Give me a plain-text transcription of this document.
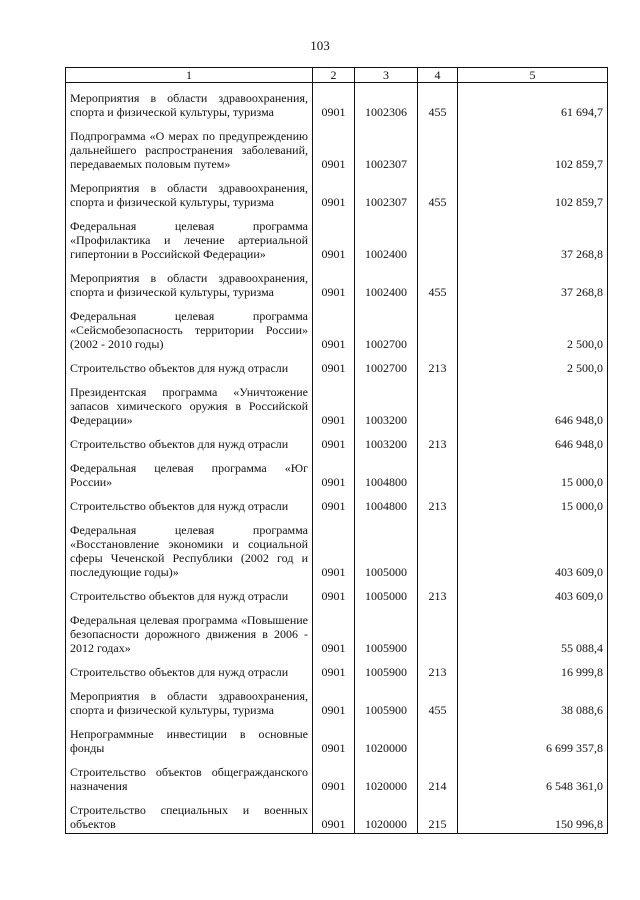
103
1	2	3	4	5

Мероприятия в области здравоохранения, спорта и физической культуры, туризма	0901	1002306	455	61 694,7

Подпрограмма «О мерах по предупреждению дальнейшего распространения заболеваний, передаваемых половым путем»	0901	1002307		102 859,7

Мероприятия в области здравоохранения, спорта и физической культуры, туризма	0901	1002307	455	102 859,7

Федеральная целевая программа «Профилактика и лечение артериальной гипертонии в Российской Федерации»	0901	1002400		37 268,8

Мероприятия в области здравоохранения, спорта и физической культуры, туризма	0901	1002400	455	37 268,8

Федеральная целевая программа «Сейсмобезопасность территории России» (2002 - 2010 годы)	0901	1002700		2 500,0

Строительство объектов для нужд отрасли	0901	1002700	213	2 500,0

Президентская программа «Уничтожение запасов химического оружия в Российской Федерации»	0901	1003200		646 948,0

Строительство объектов для нужд отрасли	0901	1003200	213	646 948,0

Федеральная целевая программа «Юг России»	0901	1004800		15 000,0

Строительство объектов для нужд отрасли	0901	1004800	213	15 000,0

Федеральная целевая программа «Восстановление экономики и социальной сферы Чеченской Республики (2002 год и последующие годы)»	0901	1005000		403 609,0

Строительство объектов для нужд отрасли	0901	1005000	213	403 609,0

Федеральная целевая программа «Повышение безопасности дорожного движения в 2006 - 2012 годах»	0901	1005900		55 088,4

Строительство объектов для нужд отрасли	0901	1005900	213	16 999,8

Мероприятия в области здравоохранения, спорта и физической культуры, туризма	0901	1005900	455	38 088,6

Непрограммные инвестиции в основные фонды	0901	1020000		6 699 357,8

Строительство объектов общегражданского назначения	0901	1020000	214	6 548 361,0

Строительство специальных и военных объектов	0901	1020000	215	150 996,8
